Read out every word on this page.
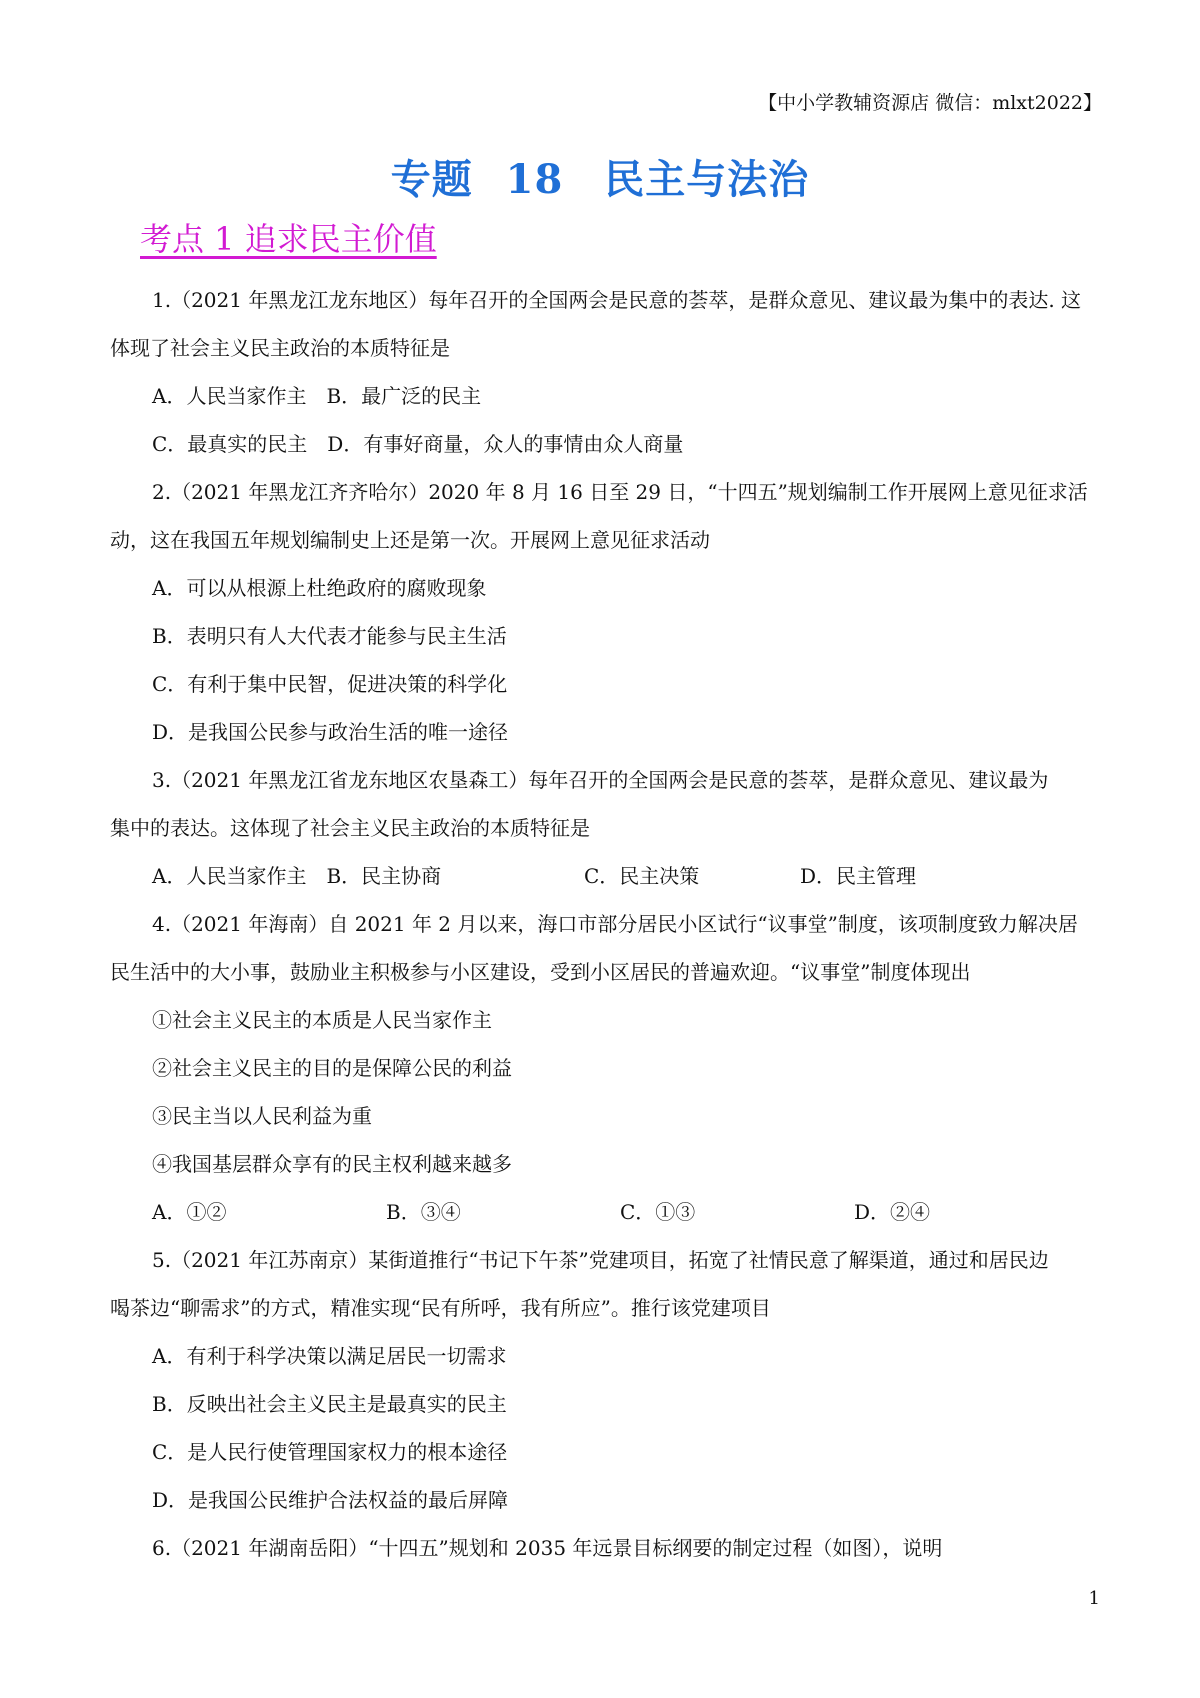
【中小学教辅资源店 微信：mlxt2022】
专题 18　民主与法治
考点 1 追求民主价值
1.（2021 年黑龙江龙东地区）每年召开的全国两会是民意的荟萃，是群众意见、建议最为集中的表达. 这
体现了社会主义民主政治的本质特征是
A．人民当家作主　B．最广泛的民主
C．最真实的民主　D．有事好商量，众人的事情由众人商量
2.（2021 年黑龙江齐齐哈尔）2020 年 8 月 16 日至 29 日，“十四五”规划编制工作开展网上意见征求活
动，这在我国五年规划编制史上还是第一次。开展网上意见征求活动
A．可以从根源上杜绝政府的腐败现象
B．表明只有人大代表才能参与民主生活
C．有利于集中民智，促进决策的科学化
D．是我国公民参与政治生活的唯一途径
3.（2021 年黑龙江省龙东地区农垦森工）每年召开的全国两会是民意的荟萃，是群众意见、建议最为
集中的表达。这体现了社会主义民主政治的本质特征是
A．人民当家作主　B．民主协商	C．民主决策	D．民主管理
4.（2021 年海南）自 2021 年 2 月以来，海口市部分居民小区试行“议事堂”制度，该项制度致力解决居
民生活中的大小事，鼓励业主积极参与小区建设，受到小区居民的普遍欢迎。“议事堂”制度体现出
①社会主义民主的本质是人民当家作主
②社会主义民主的目的是保障公民的利益
③民主当以人民利益为重
④我国基层群众享有的民主权利越来越多
A．①②	B．③④	C．①③	D．②④
5.（2021 年江苏南京）某街道推行“书记下午茶”党建项目，拓宽了社情民意了解渠道，通过和居民边
喝茶边“聊需求”的方式，精准实现“民有所呼，我有所应”。推行该党建项目
A．有利于科学决策以满足居民一切需求
B．反映出社会主义民主是最真实的民主
C．是人民行使管理国家权力的根本途径
D．是我国公民维护合法权益的最后屏障
6.（2021 年湖南岳阳）“十四五”规划和 2035 年远景目标纲要的制定过程（如图），说明
1
